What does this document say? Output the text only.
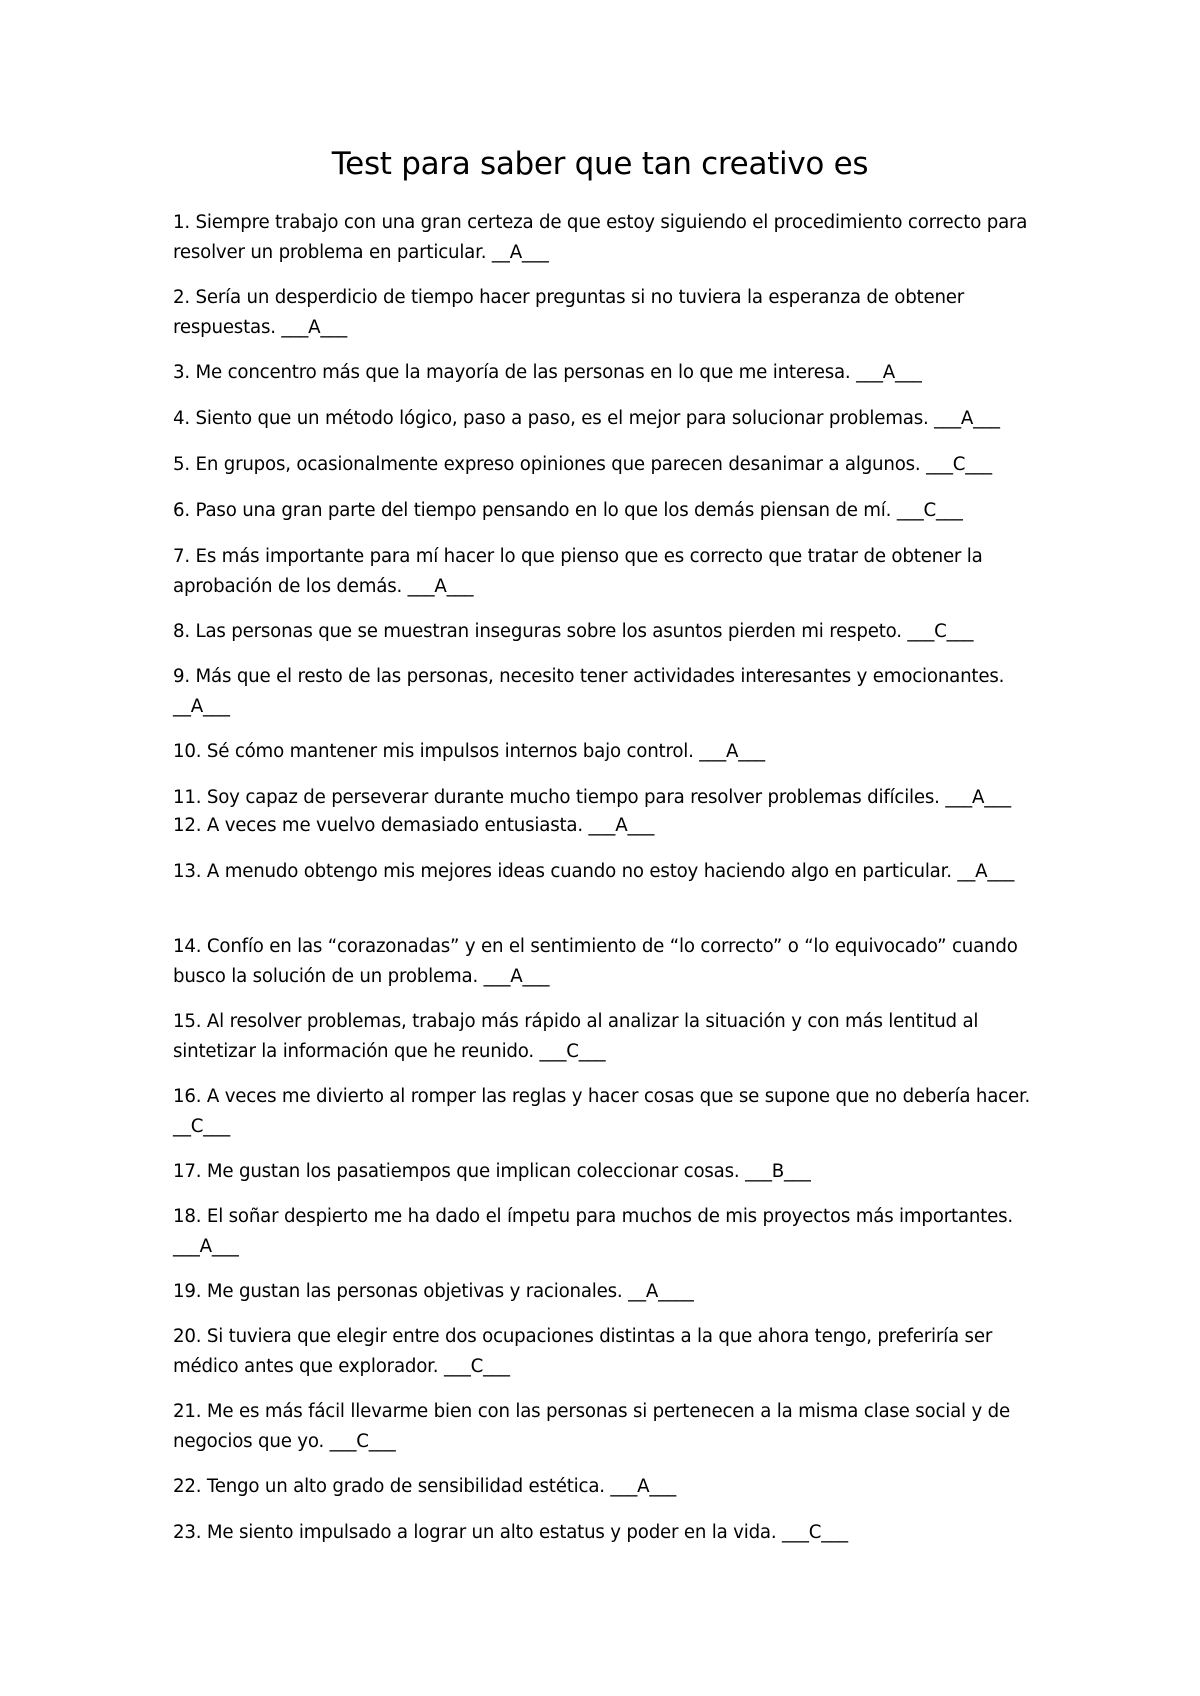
Test para saber que tan creativo es
1. Siempre trabajo con una gran certeza de que estoy siguiendo el procedimiento correcto para resolver un problema en particular. __A___
2. Sería un desperdicio de tiempo hacer preguntas si no tuviera la esperanza de obtener respuestas. ___A___
3. Me concentro más que la mayoría de las personas en lo que me interesa. ___A___
4. Siento que un método lógico, paso a paso, es el mejor para solucionar problemas. ___A___
5. En grupos, ocasionalmente expreso opiniones que parecen desanimar a algunos. ___C___
6. Paso una gran parte del tiempo pensando en lo que los demás piensan de mí. ___C___
7. Es más importante para mí hacer lo que pienso que es correcto que tratar de obtener la aprobación de los demás. ___A___
8. Las personas que se muestran inseguras sobre los asuntos pierden mi respeto. ___C___
9. Más que el resto de las personas, necesito tener actividades interesantes y emocionantes. __A___
10. Sé cómo mantener mis impulsos internos bajo control. ___A___
11. Soy capaz de perseverar durante mucho tiempo para resolver problemas difíciles. ___A___
12. A veces me vuelvo demasiado entusiasta. ___A___
13. A menudo obtengo mis mejores ideas cuando no estoy haciendo algo en particular. __A___
14. Confío en las “corazonadas” y en el sentimiento de “lo correcto” o “lo equivocado” cuando busco la solución de un problema. ___A___
15. Al resolver problemas, trabajo más rápido al analizar la situación y con más lentitud al sintetizar la información que he reunido. ___C___
16. A veces me divierto al romper las reglas y hacer cosas que se supone que no debería hacer. __C___
17. Me gustan los pasatiempos que implican coleccionar cosas. ___B___
18. El soñar despierto me ha dado el ímpetu para muchos de mis proyectos más importantes. ___A___
19. Me gustan las personas objetivas y racionales. __A____
20. Si tuviera que elegir entre dos ocupaciones distintas a la que ahora tengo, preferiría ser médico antes que explorador. ___C___
21. Me es más fácil llevarme bien con las personas si pertenecen a la misma clase social y de negocios que yo. ___C___
22. Tengo un alto grado de sensibilidad estética. ___A___
23. Me siento impulsado a lograr un alto estatus y poder en la vida. ___C___
